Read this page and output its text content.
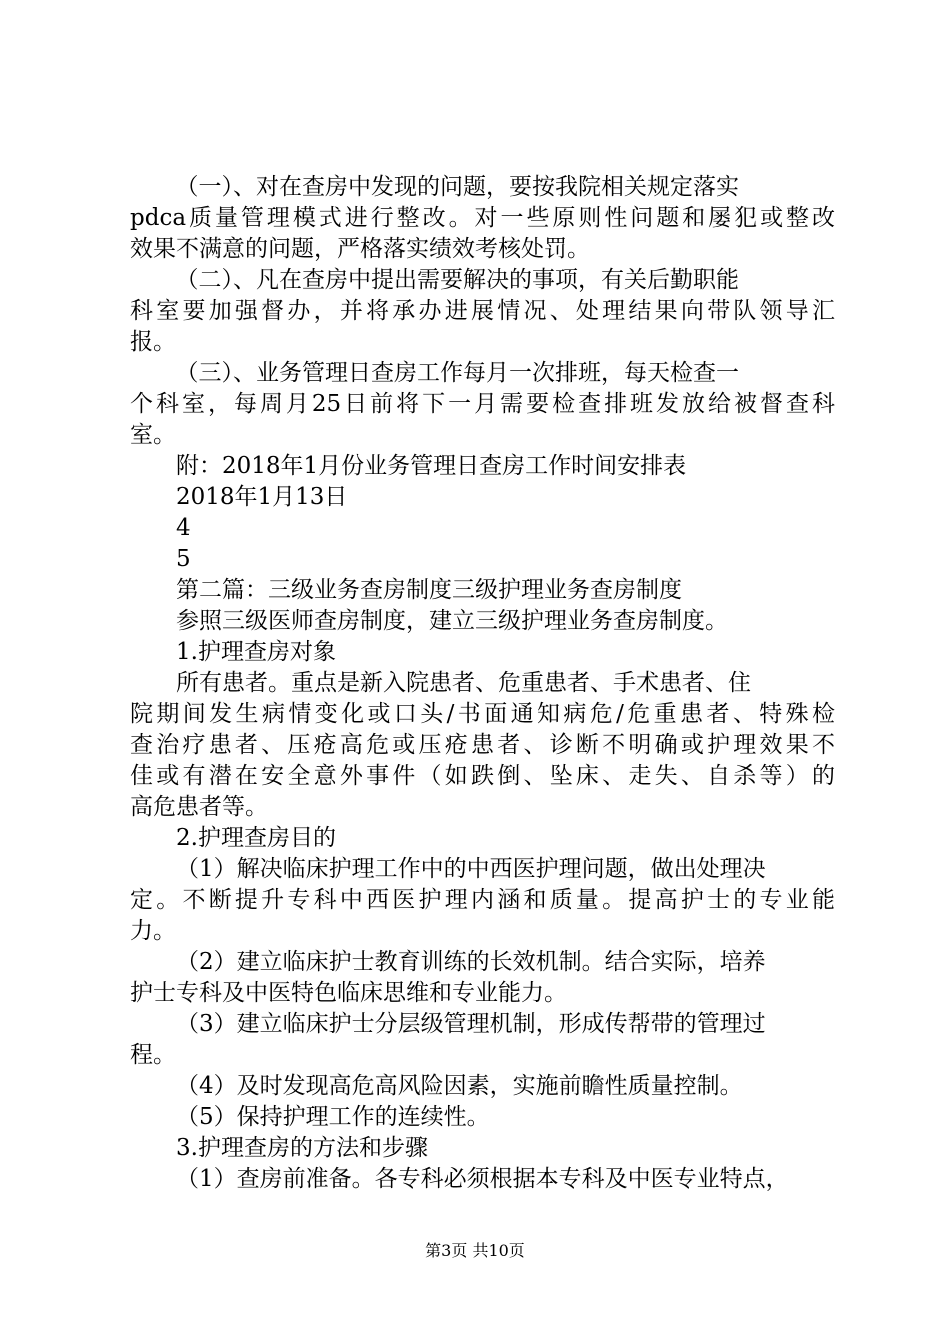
　（一）、对在查房中发现的问题，要按我院相关规定落实
pdca质量管理模式进行整改。对一些原则性问题和屡犯或整改
效果不满意的问题，严格落实绩效考核处罚。
　（二）、凡在查房中提出需要解决的事项，有关后勤职能
科室要加强督办，并将承办进展情况、处理结果向带队领导汇
报。
　（三）、业务管理日查房工作每月一次排班，每天检查一
个科室，每周月25日前将下一月需要检查排班发放给被督查科
室。
附：2018年1月份业务管理日查房工作时间安排表
2018年1月13日
4
5
第二篇：三级业务查房制度三级护理业务查房制度
参照三级医师查房制度，建立三级护理业务查房制度。
1.护理查房对象
所有患者。重点是新入院患者、危重患者、手术患者、住
院期间发生病情变化或口头/书面通知病危/危重患者、特殊检
查治疗患者、压疮高危或压疮患者、诊断不明确或护理效果不
佳或有潜在安全意外事件（如跌倒、坠床、走失、自杀等）的
高危患者等。
2.护理查房目的
（1）解决临床护理工作中的中西医护理问题，做出处理决
定。不断提升专科中西医护理内涵和质量。提高护士的专业能
力。
（2）建立临床护士教育训练的长效机制。结合实际，培养
护士专科及中医特色临床思维和专业能力。
（3）建立临床护士分层级管理机制，形成传帮带的管理过
程。
（4）及时发现高危高风险因素，实施前瞻性质量控制。
（5）保持护理工作的连续性。
3.护理查房的方法和步骤
（1）查房前准备。各专科必须根据本专科及中医专业特点，
第3页 共10页
